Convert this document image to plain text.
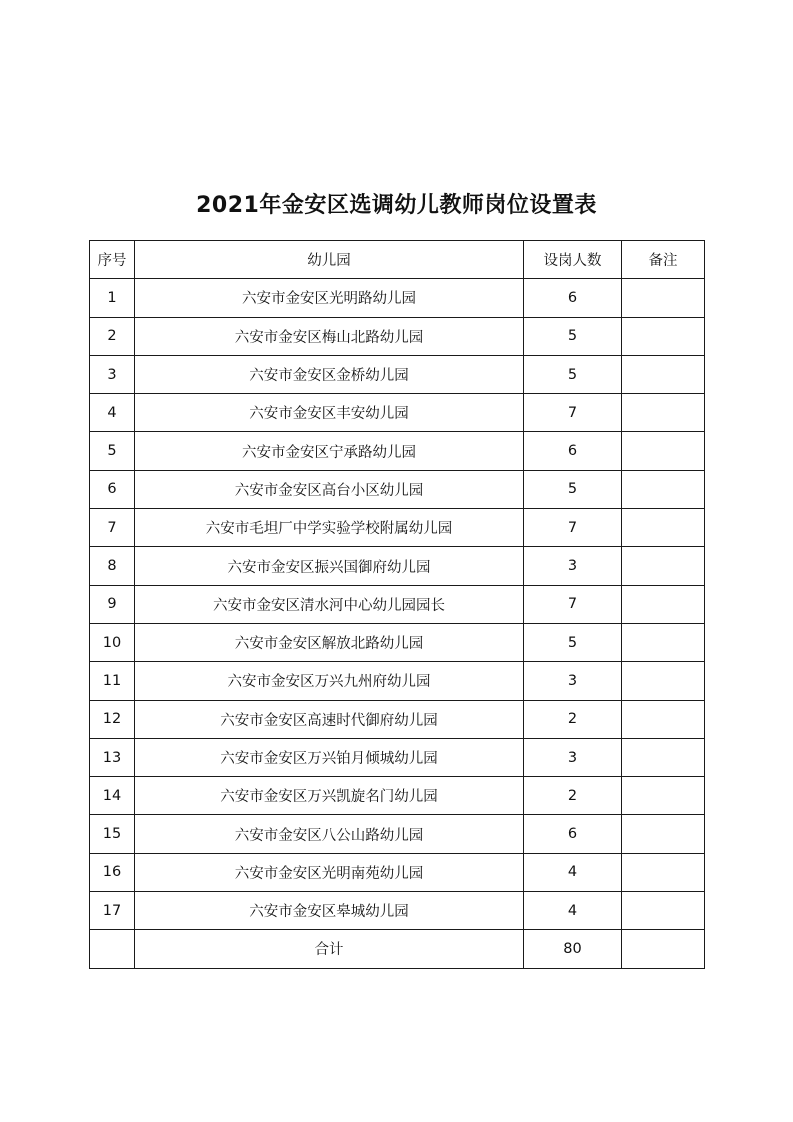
2021年金安区选调幼儿教师岗位设置表
序号	幼儿园	设岗人数	备注
1	六安市金安区光明路幼儿园	6	
2	六安市金安区梅山北路幼儿园	5	
3	六安市金安区金桥幼儿园	5	
4	六安市金安区丰安幼儿园	7	
5	六安市金安区宁承路幼儿园	6	
6	六安市金安区高台小区幼儿园	5	
7	六安市毛坦厂中学实验学校附属幼儿园	7	
8	六安市金安区振兴国御府幼儿园	3	
9	六安市金安区清水河中心幼儿园园长	7	
10	六安市金安区解放北路幼儿园	5	
11	六安市金安区万兴九州府幼儿园	3	
12	六安市金安区高速时代御府幼儿园	2	
13	六安市金安区万兴铂月倾城幼儿园	3	
14	六安市金安区万兴凯旋名门幼儿园	2	
15	六安市金安区八公山路幼儿园	6	
16	六安市金安区光明南苑幼儿园	4	
17	六安市金安区皋城幼儿园	4	
	合计	80	
